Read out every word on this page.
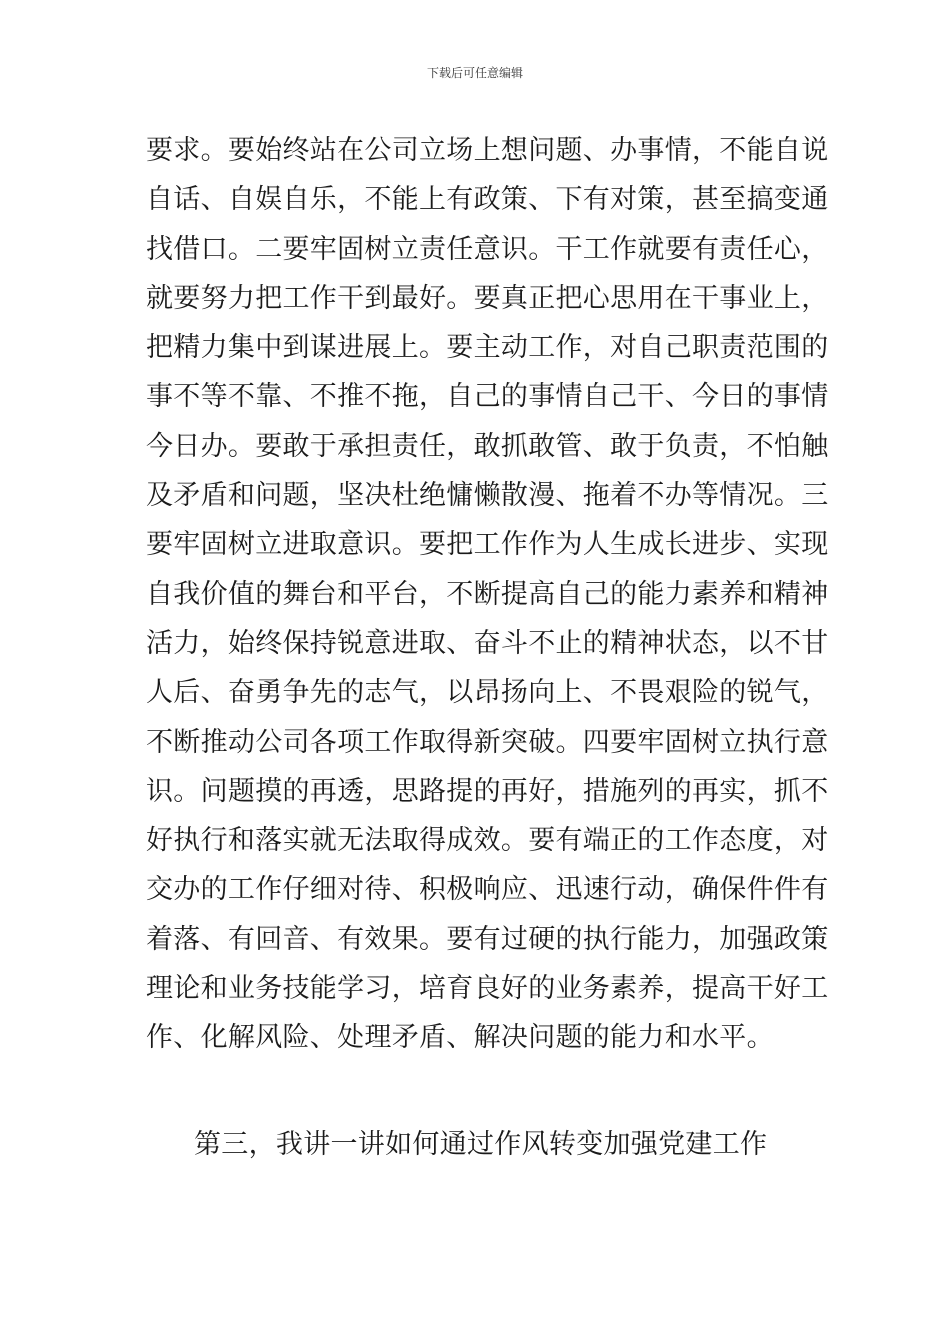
下载后可任意编辑
要求。要始终站在公司立场上想问题、办事情，不能自说
自话、自娱自乐，不能上有政策、下有对策，甚至搞变通
找借口。二要牢固树立责任意识。干工作就要有责任心，
就要努力把工作干到最好。要真正把心思用在干事业上，
把精力集中到谋进展上。要主动工作，对自己职责范围的
事不等不靠、不推不拖，自己的事情自己干、今日的事情
今日办。要敢于承担责任，敢抓敢管、敢于负责，不怕触
及矛盾和问题，坚决杜绝慵懒散漫、拖着不办等情况。三
要牢固树立进取意识。要把工作作为人生成长进步、实现
自我价值的舞台和平台，不断提高自己的能力素养和精神
活力，始终保持锐意进取、奋斗不止的精神状态，以不甘
人后、奋勇争先的志气，以昂扬向上、不畏艰险的锐气，
不断推动公司各项工作取得新突破。四要牢固树立执行意
识。问题摸的再透，思路提的再好，措施列的再实，抓不
好执行和落实就无法取得成效。要有端正的工作态度，对
交办的工作仔细对待、积极响应、迅速行动，确保件件有
着落、有回音、有效果。要有过硬的执行能力，加强政策
理论和业务技能学习，培育良好的业务素养，提高干好工
作、化解风险、处理矛盾、解决问题的能力和水平。
第三，我讲一讲如何通过作风转变加强党建工作
